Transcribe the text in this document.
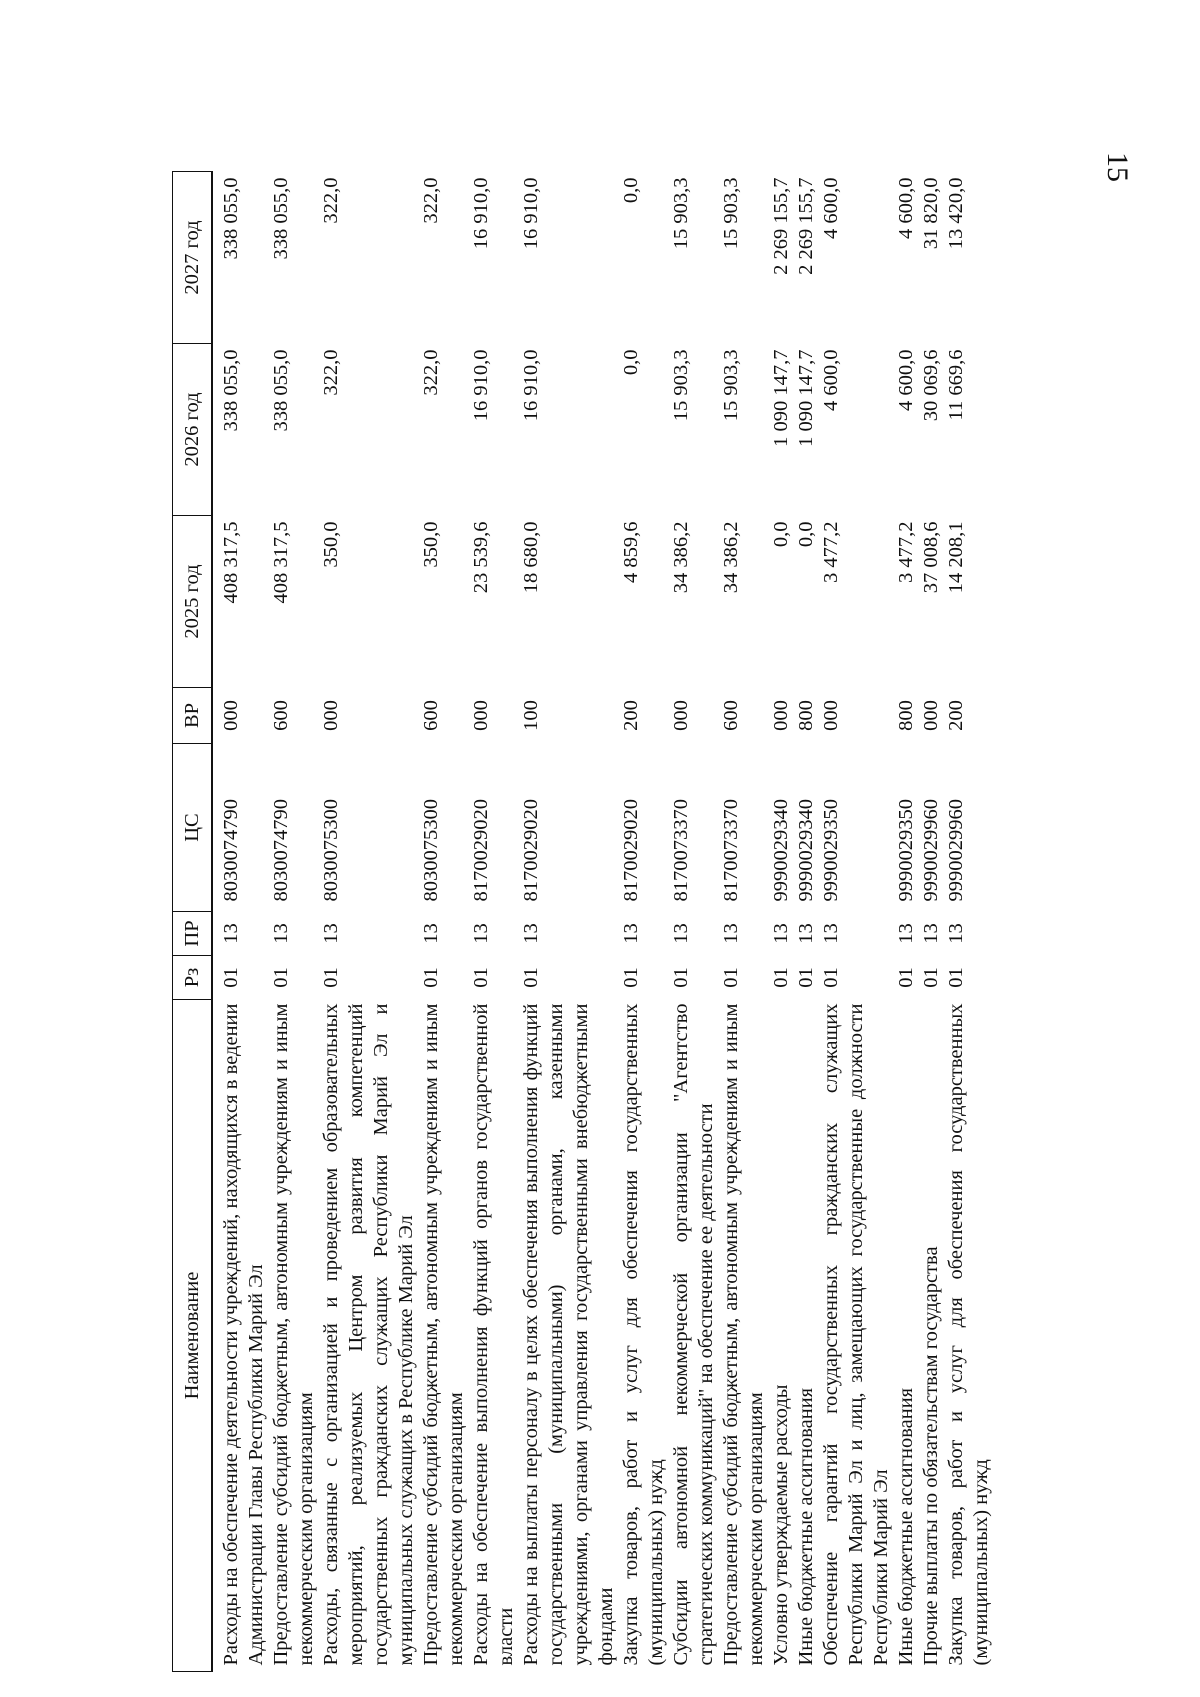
15
Наименование	Рз	ПР	ЦС	ВР	2025 год	2026 год	2027 год
Расходы на обеспечение деятельности учреждений, находящихся в ведении Администрации Главы Республики Марий Эл	01	13	8030074790	000	408 317,5	338 055,0	338 055,0
Предоставление субсидий бюджетным, автономным учреждениям и иным некоммерческим организациям	01	13	8030074790	600	408 317,5	338 055,0	338 055,0
Расходы, связанные с организацией и проведением образовательных мероприятий, реализуемых Центром развития компетенций государственных гражданских служащих Республики Марий Эл и муниципальных служащих в Республике Марий Эл	01	13	8030075300	000	350,0	322,0	322,0
Предоставление субсидий бюджетным, автономным учреждениям и иным некоммерческим организациям	01	13	8030075300	600	350,0	322,0	322,0
Расходы на обеспечение выполнения функций органов государственной власти	01	13	8170029020	000	23 539,6	16 910,0	16 910,0
Расходы на выплаты персоналу в целях обеспечения выполнения функций государственными (муниципальными) органами, казенными учреждениями, органами управления государственными внебюджетными фондами	01	13	8170029020	100	18 680,0	16 910,0	16 910,0
Закупка товаров, работ и услуг для обеспечения государственных (муниципальных) нужд	01	13	8170029020	200	4 859,6	0,0	0,0
Субсидии автономной некоммерческой организации "Агентство стратегических коммуникаций" на обеспечение ее деятельности	01	13	8170073370	000	34 386,2	15 903,3	15 903,3
Предоставление субсидий бюджетным, автономным учреждениям и иным некоммерческим организациям	01	13	8170073370	600	34 386,2	15 903,3	15 903,3
Условно утверждаемые расходы	01	13	9990029340	000	0,0	1 090 147,7	2 269 155,7
Иные бюджетные ассигнования	01	13	9990029340	800	0,0	1 090 147,7	2 269 155,7
Обеспечение гарантий государственных гражданских служащих Республики Марий Эл и лиц, замещающих государственные должности Республики Марий Эл	01	13	9990029350	000	3 477,2	4 600,0	4 600,0
Иные бюджетные ассигнования	01	13	9990029350	800	3 477,2	4 600,0	4 600,0
Прочие выплаты по обязательствам государства	01	13	9990029960	000	37 008,6	30 069,6	31 820,0
Закупка товаров, работ и услуг для обеспечения государственных (муниципальных) нужд	01	13	9990029960	200	14 208,1	11 669,6	13 420,0
